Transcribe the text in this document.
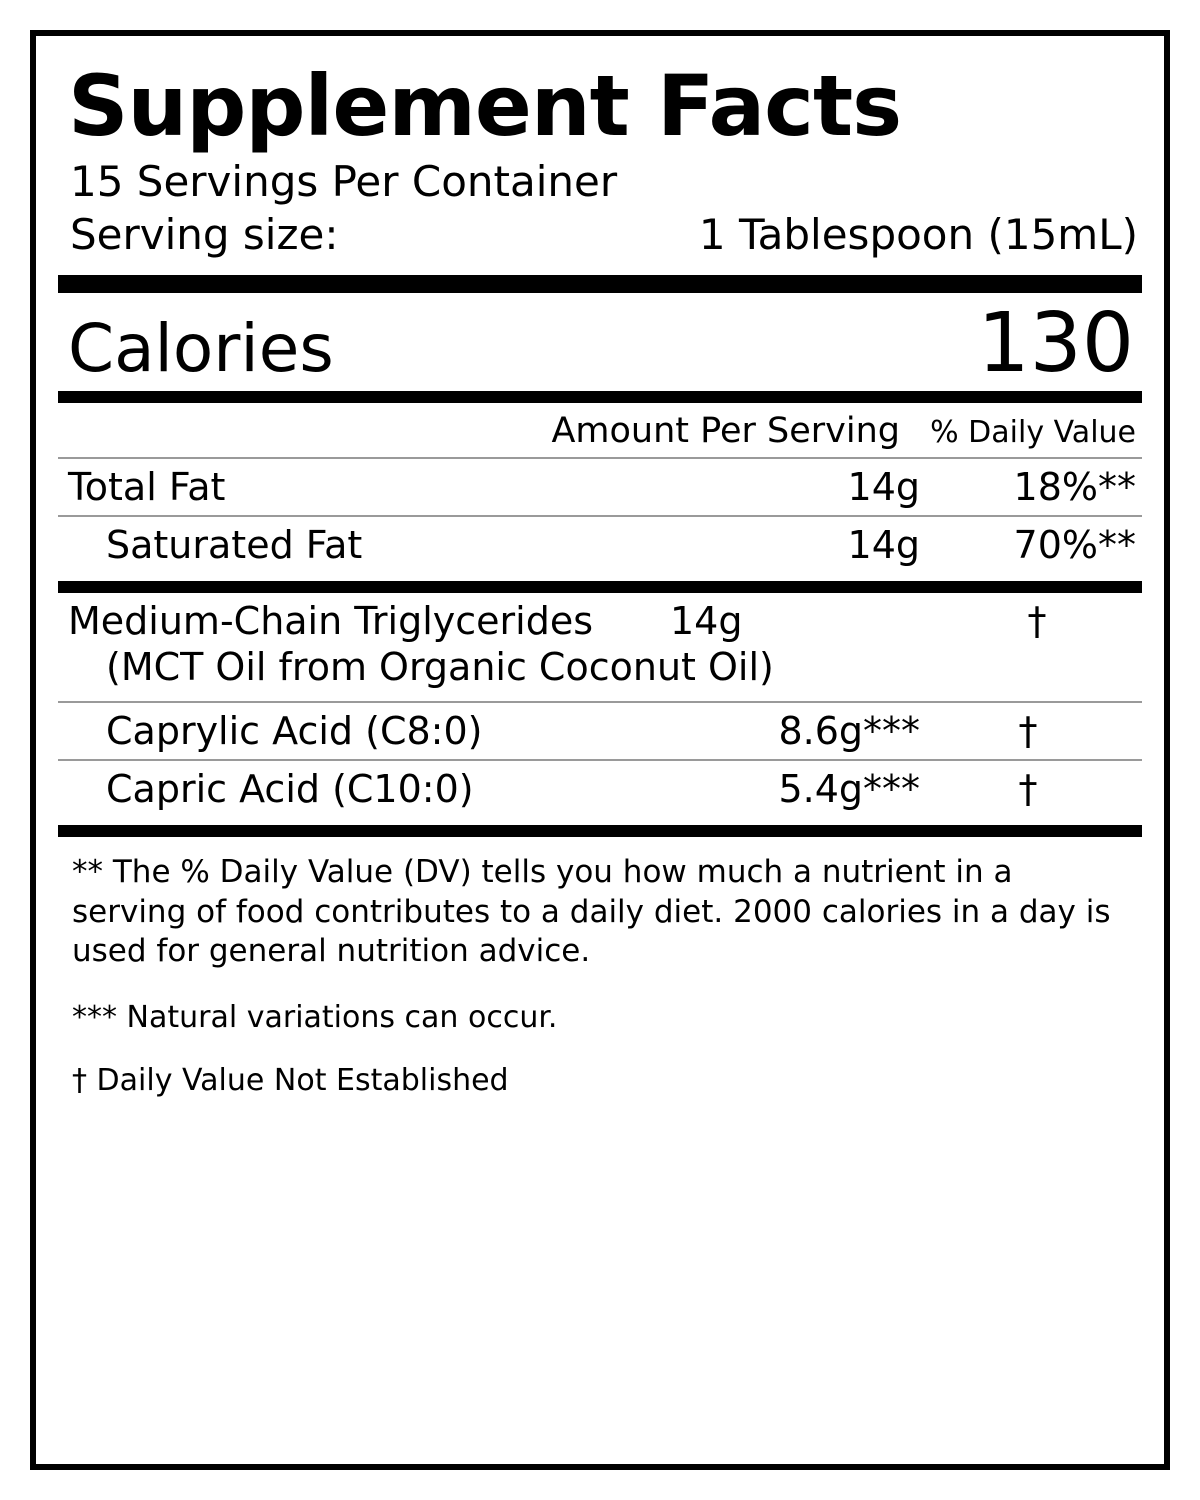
Supplement Facts
15 Servings Per Container
Serving size:	1 Tablespoon (15mL)
Calories	130
Amount Per Serving	% Daily Value
Total Fat	14g	18%**
Saturated Fat	14g	70%**
Medium-Chain Triglycerides	14g	†
(MCT Oil from Organic Coconut Oil)
Caprylic Acid (C8:0)	8.6g***	†
Capric Acid (C10:0)	5.4g***	†
** The % Daily Value (DV) tells you how much a nutrient in a serving of food contributes to a daily diet. 2000 calories in a day is used for general nutrition advice.
*** Natural variations can occur.
† Daily Value Not Established
